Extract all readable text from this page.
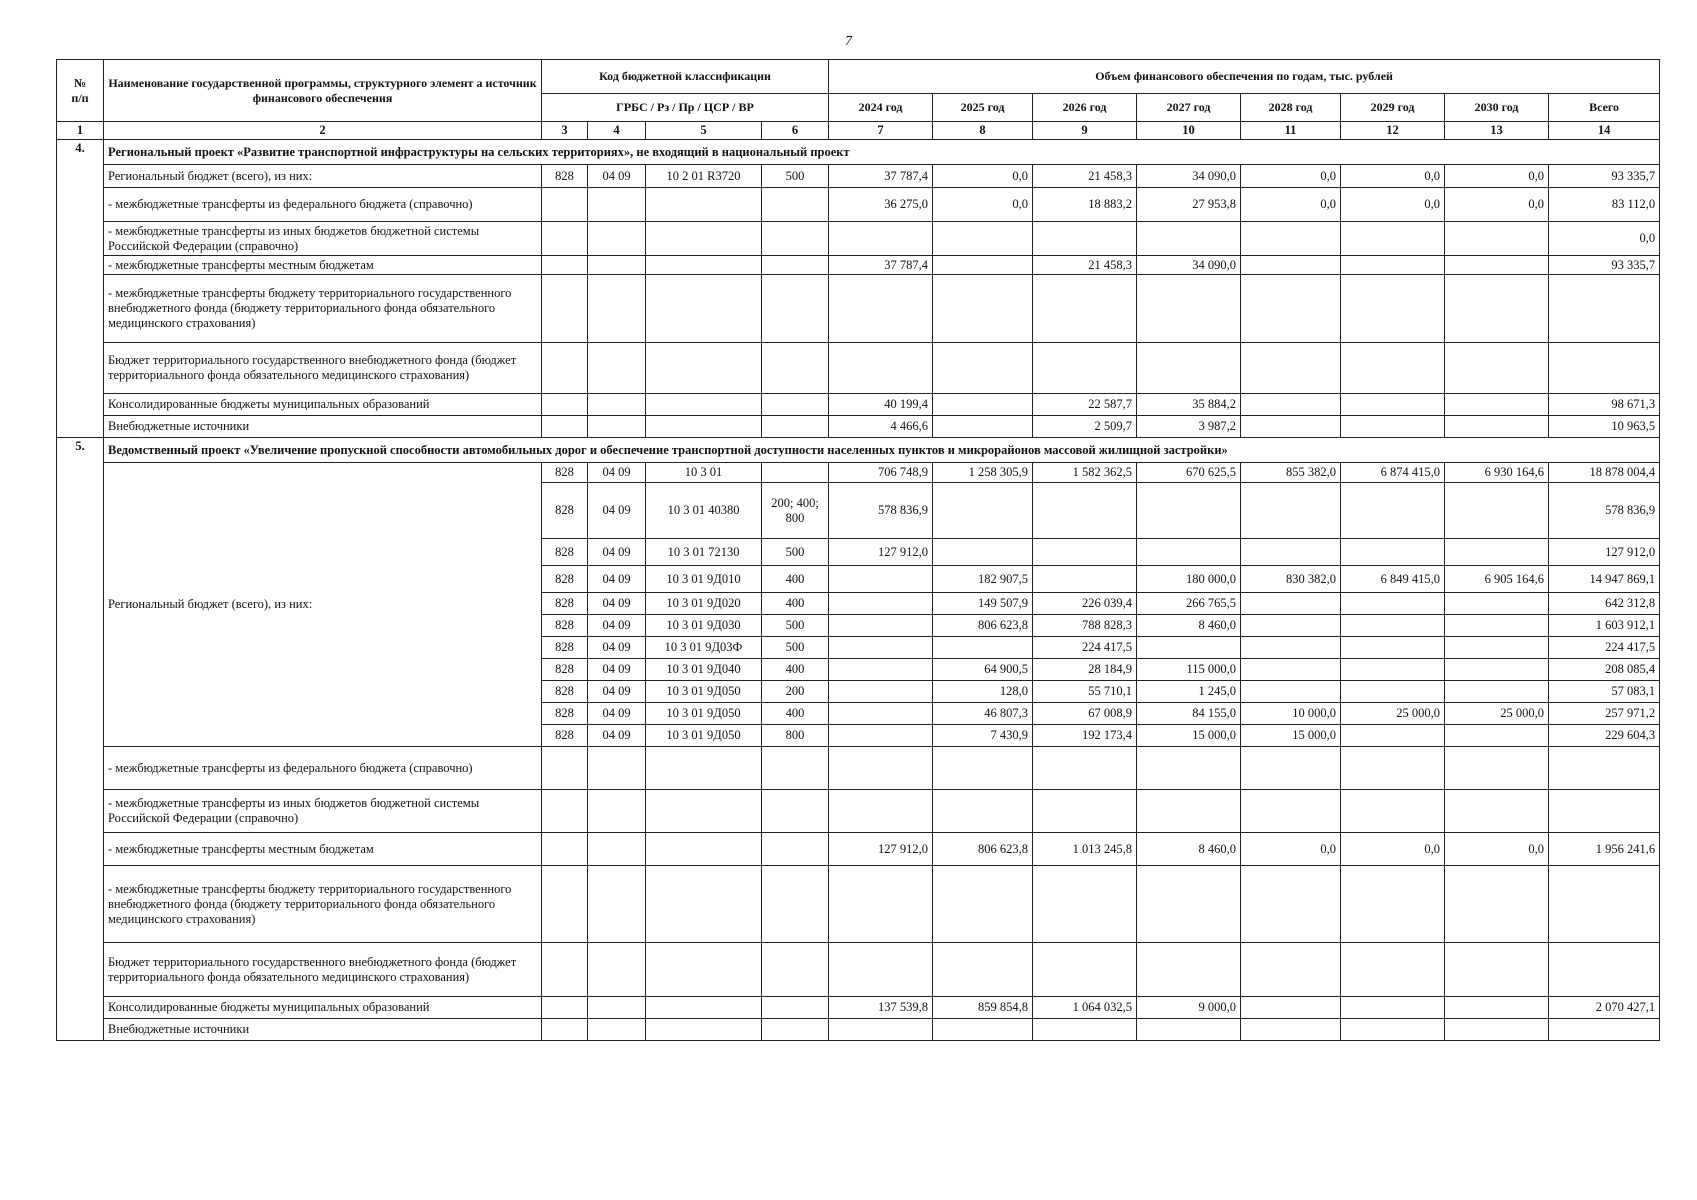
7
№
п/п	Наименование государственной программы, структурного элемент а источник финансового обеспечения	Код бюджетной классификации				Объем финансового обеспечения по годам, тыс. рублей							
		ГРБС / Рз / Пр / ЦСР / ВР				2024 год	2025 год	2026 год	2027 год	2028 год	2029 год	2030 год	Всего
1	2	3	4	5	6	7	8	9	10	11	12	13	14
4.	Региональный проект «Развитие транспортной инфраструктуры на сельских территориях», не входящий в национальный проект												
	Региональный бюджет (всего), из них:	828	04 09	10 2 01 R3720	500	37 787,4	0,0	21 458,3	34 090,0	0,0	0,0	0,0	93 335,7
	- межбюджетные трансферты из федерального бюджета (справочно)					36 275,0	0,0	18 883,2	27 953,8	0,0	0,0	0,0	83 112,0
	- межбюджетные трансферты из иных бюджетов бюджетной системы Российской Федерации (справочно)												0,0
	- межбюджетные трансферты местным бюджетам					37 787,4		21 458,3	34 090,0				93 335,7
	- межбюджетные трансферты бюджету территориального государственного внебюджетного фонда (бюджету территориального фонда обязательного медицинского страхования)												
	Бюджет территориального государственного внебюджетного фонда (бюджет территориального фонда обязательного медицинского страхования)												
	Консолидированные бюджеты муниципальных образований					40 199,4		22 587,7	35 884,2				98 671,3
	Внебюджетные источники					4 466,6		2 509,7	3 987,2				10 963,5
5.	Ведомственный проект «Увеличение пропускной способности автомобильных дорог и обеспечение транспортной доступности населенных пунктов и микрорайонов массовой жилищной застройки»												
	Региональный бюджет (всего), из них:	828	04 09	10 3 01		706 748,9	1 258 305,9	1 582 362,5	670 625,5	855 382,0	6 874 415,0	6 930 164,6	18 878 004,4
		828	04 09	10 3 01 40380	200; 400; 800	578 836,9							578 836,9
		828	04 09	10 3 01 72130	500	127 912,0							127 912,0
		828	04 09	10 3 01 9Д010	400		182 907,5		180 000,0	830 382,0	6 849 415,0	6 905 164,6	14 947 869,1
		828	04 09	10 3 01 9Д020	400		149 507,9	226 039,4	266 765,5				642 312,8
		828	04 09	10 3 01 9Д030	500		806 623,8	788 828,3	8 460,0				1 603 912,1
		828	04 09	10 3 01 9Д03Ф	500			224 417,5					224 417,5
		828	04 09	10 3 01 9Д040	400		64 900,5	28 184,9	115 000,0				208 085,4
		828	04 09	10 3 01 9Д050	200		128,0	55 710,1	1 245,0				57 083,1
		828	04 09	10 3 01 9Д050	400		46 807,3	67 008,9	84 155,0	10 000,0	25 000,0	25 000,0	257 971,2
		828	04 09	10 3 01 9Д050	800		7 430,9	192 173,4	15 000,0	15 000,0			229 604,3
	- межбюджетные трансферты из федерального бюджета (справочно)												
	- межбюджетные трансферты из иных бюджетов бюджетной системы Российской Федерации (справочно)												
	- межбюджетные трансферты местным бюджетам					127 912,0	806 623,8	1 013 245,8	8 460,0	0,0	0,0	0,0	1 956 241,6
	- межбюджетные трансферты бюджету территориального государственного внебюджетного фонда (бюджету территориального фонда обязательного медицинского страхования)												
	Бюджет территориального государственного внебюджетного фонда (бюджет территориального фонда обязательного медицинского страхования)												
	Консолидированные бюджеты муниципальных образований					137 539,8	859 854,8	1 064 032,5	9 000,0				2 070 427,1
	Внебюджетные источники												
